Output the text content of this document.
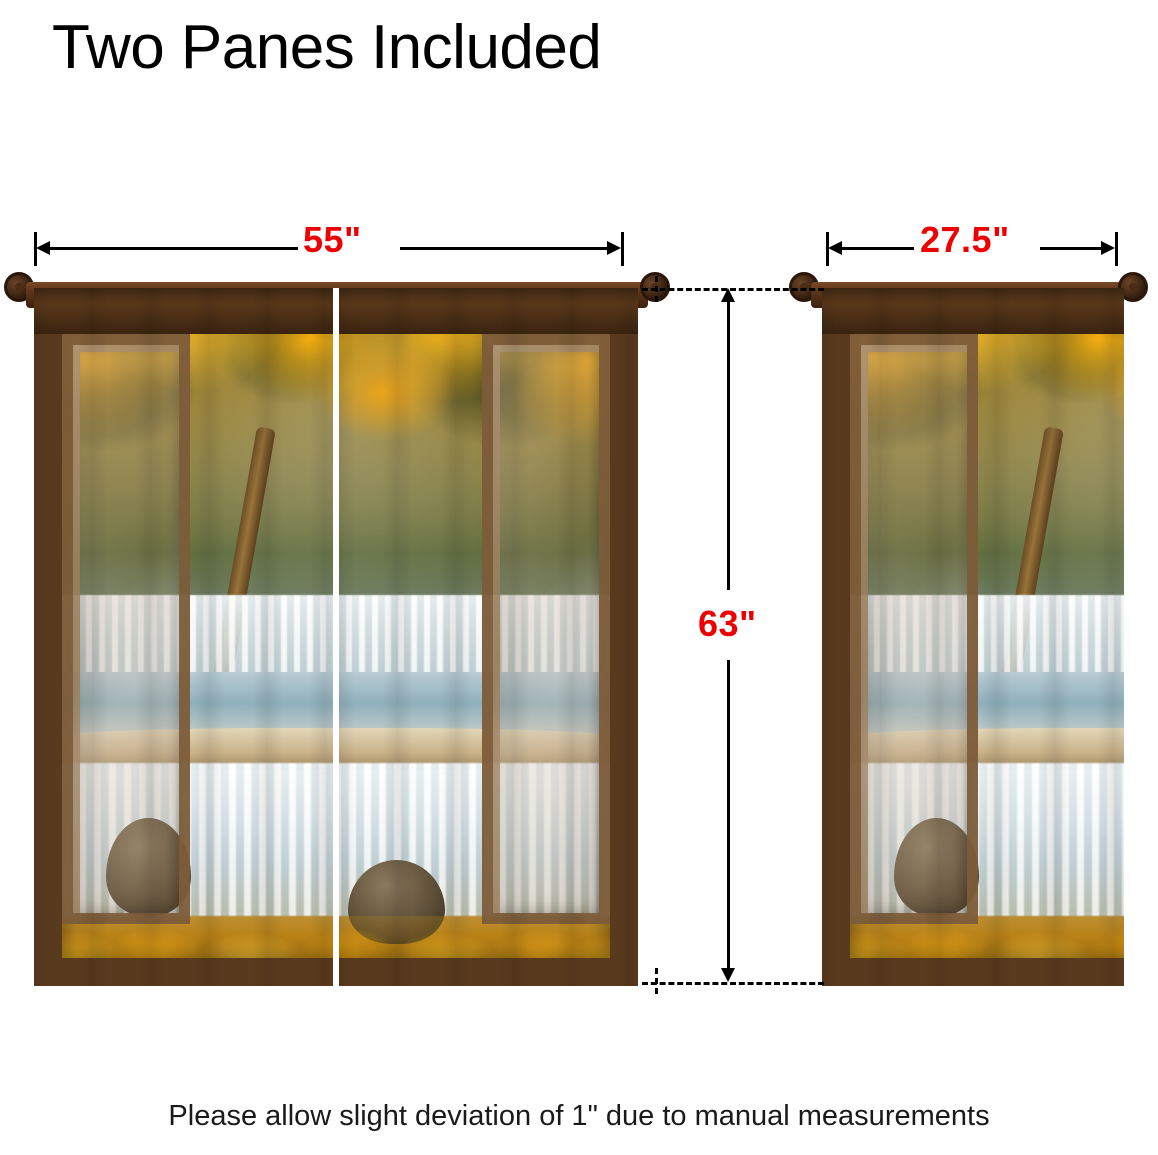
Two Panes Included
55"	27.5"
63"
Please allow slight deviation of 1" due to manual measurements
